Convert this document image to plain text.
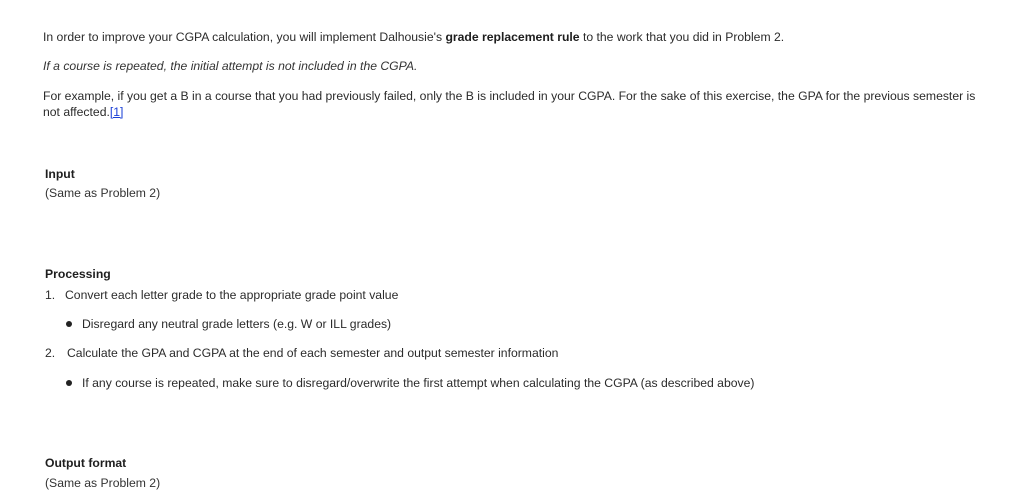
In order to improve your CGPA calculation, you will implement Dalhousie's grade replacement rule to the work that you did in Problem 2.
If a course is repeated, the initial attempt is not included in the CGPA.
For example, if you get a B in a course that you had previously failed, only the B is included in your CGPA. For the sake of this exercise, the GPA for the previous semester is not affected.[1]
Input
(Same as Problem 2)
Processing
1. Convert each letter grade to the appropriate grade point value
Disregard any neutral grade letters (e.g. W or ILL grades)
2. Calculate the GPA and CGPA at the end of each semester and output semester information
If any course is repeated, make sure to disregard/overwrite the first attempt when calculating the CGPA (as described above)
Output format
(Same as Problem 2)
